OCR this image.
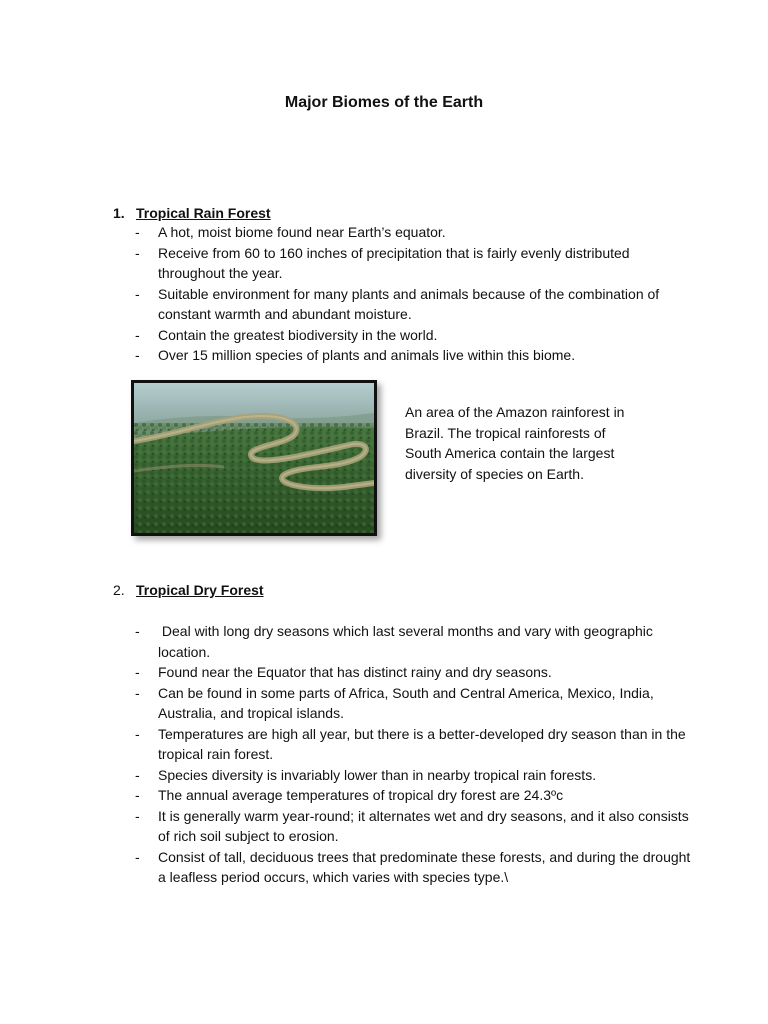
Major Biomes of the Earth
1. Tropical Rain Forest
- A hot, moist biome found near Earth’s equator.
- Receive from 60 to 160 inches of precipitation that is fairly evenly distributed throughout the year.
- Suitable environment for many plants and animals because of the combination of constant warmth and abundant moisture.
- Contain the greatest biodiversity in the world.
- Over 15 million species of plants and animals live within this biome.
An area of the Amazon rainforest in Brazil. The tropical rainforests of South America contain the largest diversity of species on Earth.
2. Tropical Dry Forest
- Deal with long dry seasons which last several months and vary with geographic location.
- Found near the Equator that has distinct rainy and dry seasons.
- Can be found in some parts of Africa, South and Central America, Mexico, India, Australia, and tropical islands.
- Temperatures are high all year, but there is a better-developed dry season than in the tropical rain forest.
- Species diversity is invariably lower than in nearby tropical rain forests.
- The annual average temperatures of tropical dry forest are 24.3ºc
- It is generally warm year-round; it alternates wet and dry seasons, and it also consists of rich soil subject to erosion.
- Consist of tall, deciduous trees that predominate these forests, and during the drought a leafless period occurs, which varies with species type.\
